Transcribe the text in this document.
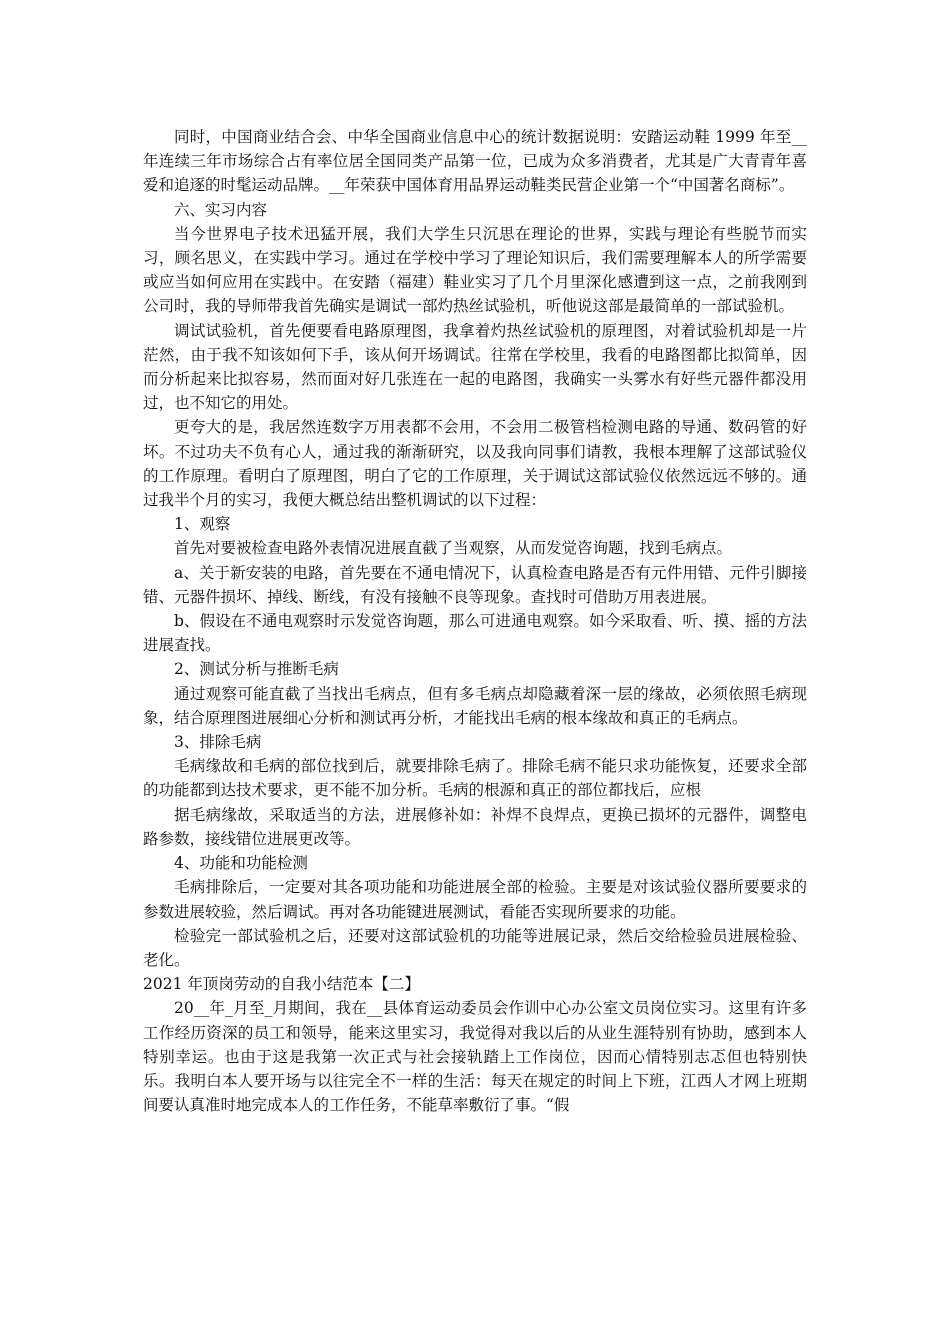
同时，中国商业结合会、中华全国商业信息中心的统计数据说明：安踏运动鞋 1999 年至__年连续三年市场综合占有率位居全国同类产品第一位，已成为众多消费者，尤其是广大青青年喜爱和追逐的时髦运动品牌。__年荣获中国体育用品界运动鞋类民营企业第一个“中国著名商标”。

六、实习内容

当今世界电子技术迅猛开展，我们大学生只沉思在理论的世界，实践与理论有些脱节而实习，顾名思义，在实践中学习。通过在学校中学习了理论知识后，我们需要理解本人的所学需要或应当如何应用在实践中。在安踏（福建）鞋业实习了几个月里深化感遭到这一点，之前我刚到公司时，我的导师带我首先确实是调试一部灼热丝试验机，听他说这部是最简单的一部试验机。

调试试验机，首先便要看电路原理图，我拿着灼热丝试验机的原理图，对着试验机却是一片茫然，由于我不知该如何下手，该从何开场调试。往常在学校里，我看的电路图都比拟简单，因而分析起来比拟容易，然而面对好几张连在一起的电路图，我确实一头雾水有好些元器件都没用过，也不知它的用处。

更夸大的是，我居然连数字万用表都不会用，不会用二极管档检测电路的导通、数码管的好坏。不过功夫不负有心人，通过我的渐渐研究，以及我向同事们请教，我根本理解了这部试验仪的工作原理。看明白了原理图，明白了它的工作原理，关于调试这部试验仪依然远远不够的。通过我半个月的实习，我便大概总结出整机调试的以下过程：

1、观察

首先对要被检查电路外表情况进展直截了当观察，从而发觉咨询题，找到毛病点。

a、关于新安装的电路，首先要在不通电情况下，认真检查电路是否有元件用错、元件引脚接错、元器件损坏、掉线、断线，有没有接触不良等现象。查找时可借助万用表进展。

b、假设在不通电观察时示发觉咨询题，那么可进通电观察。如今采取看、听、摸、摇的方法进展查找。

2、测试分析与推断毛病

通过观察可能直截了当找出毛病点，但有多毛病点却隐藏着深一层的缘故，必须依照毛病现象，结合原理图进展细心分析和测试再分析，才能找出毛病的根本缘故和真正的毛病点。

3、排除毛病

毛病缘故和毛病的部位找到后，就要排除毛病了。排除毛病不能只求功能恢复，还要求全部的功能都到达技术要求，更不能不加分析。毛病的根源和真正的部位都找后，应根

据毛病缘故，采取适当的方法，进展修补如：补焊不良焊点，更换已损坏的元器件，调整电路参数，接线错位进展更改等。

4、功能和功能检测

毛病排除后，一定要对其各项功能和功能进展全部的检验。主要是对该试验仪器所要要求的参数进展较验，然后调试。再对各功能键进展测试，看能否实现所要求的功能。

检验完一部试验机之后，还要对这部试验机的功能等进展记录，然后交给检验员进展检验、老化。

2021 年顶岗劳动的自我小结范本【二】

20__年_月至_月期间，我在__县体育运动委员会作训中心办公室文员岗位实习。这里有许多工作经历资深的员工和领导，能来这里实习，我觉得对我以后的从业生涯特别有协助，感到本人特别幸运。也由于这是我第一次正式与社会接轨踏上工作岗位，因而心情特别志忑但也特别快乐。我明白本人要开场与以往完全不一样的生活：每天在规定的时间上下班，江西人才网上班期间要认真准时地完成本人的工作任务，不能草率敷衍了事。“假
